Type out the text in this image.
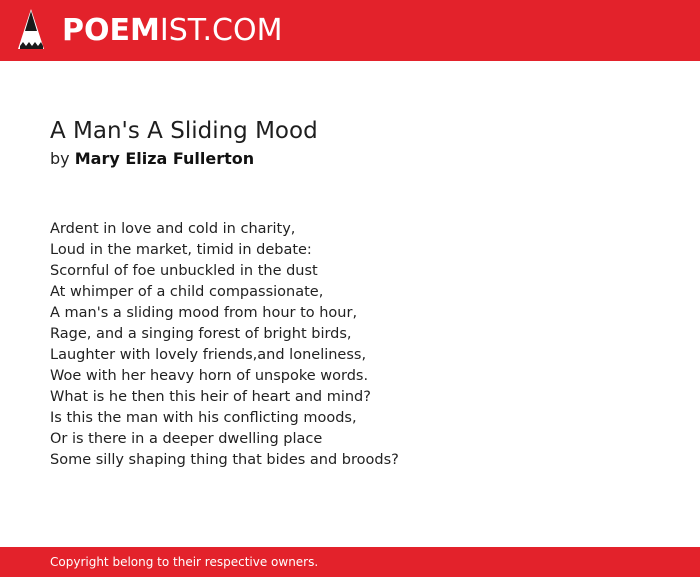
POEMIST.COM
A Man's A Sliding Mood
by Mary Eliza Fullerton
Ardent in love and cold in charity,
Loud in the market, timid in debate:
Scornful of foe unbuckled in the dust
At whimper of a child compassionate,
A man's a sliding mood from hour to hour,
Rage, and a singing forest of bright birds,
Laughter with lovely friends,and loneliness,
Woe with her heavy horn of unspoke words.
What is he then this heir of heart and mind?
Is this the man with his conflicting moods,
Or is there in a deeper dwelling place
Some silly shaping thing that bides and broods?
Copyright belong to their respective owners.
